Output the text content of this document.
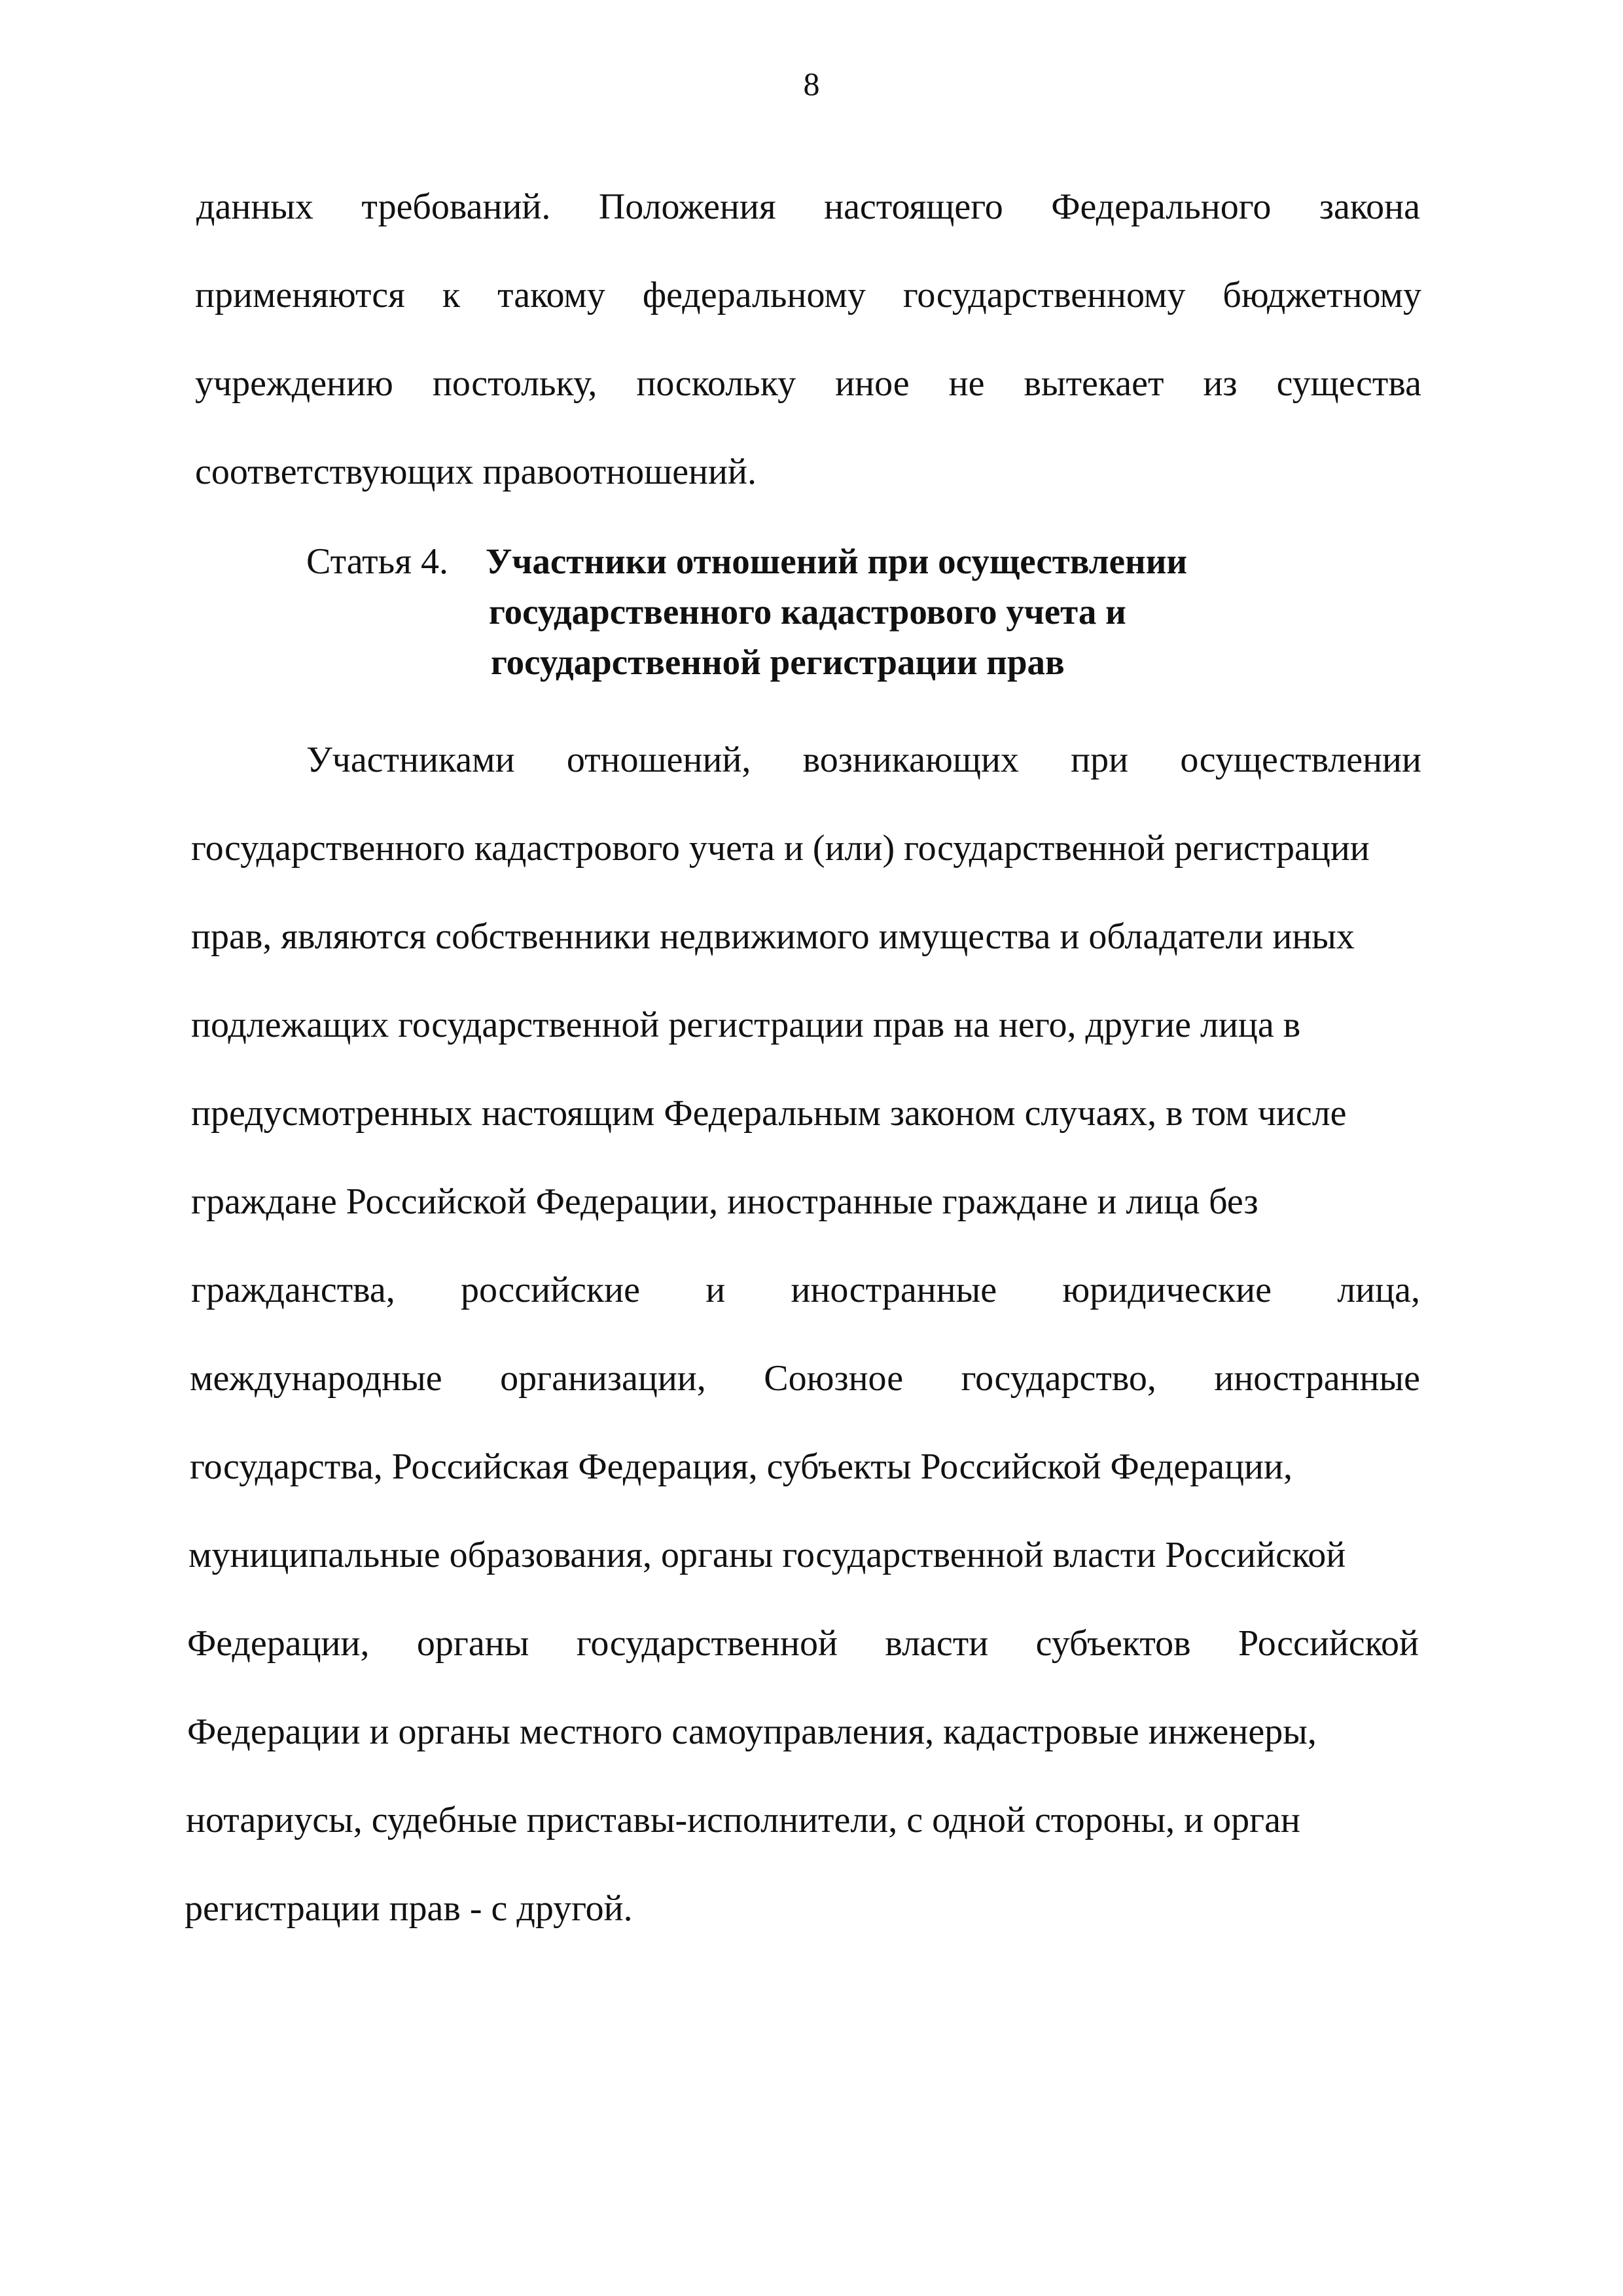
8
данных требований. Положения настоящего Федерального закона
применяются к такому федеральному государственному бюджетному
учреждению постольку, поскольку иное не вытекает из существа
соответствующих правоотношений.
Статья 4. Участники отношений при осуществлении
государственного кадастрового учета и
государственной регистрации прав
Участниками отношений, возникающих при осуществлении
государственного кадастрового учета и (или) государственной регистрации
прав, являются собственники недвижимого имущества и обладатели иных
подлежащих государственной регистрации прав на него, другие лица в
предусмотренных настоящим Федеральным законом случаях, в том числе
граждане Российской Федерации, иностранные граждане и лица без
гражданства, российские и иностранные юридические лица,
международные организации, Союзное государство, иностранные
государства, Российская Федерация, субъекты Российской Федерации,
муниципальные образования, органы государственной власти Российской
Федерации, органы государственной власти субъектов Российской
Федерации и органы местного самоуправления, кадастровые инженеры,
нотариусы, судебные приставы-исполнители, с одной стороны, и орган
регистрации прав - с другой.
